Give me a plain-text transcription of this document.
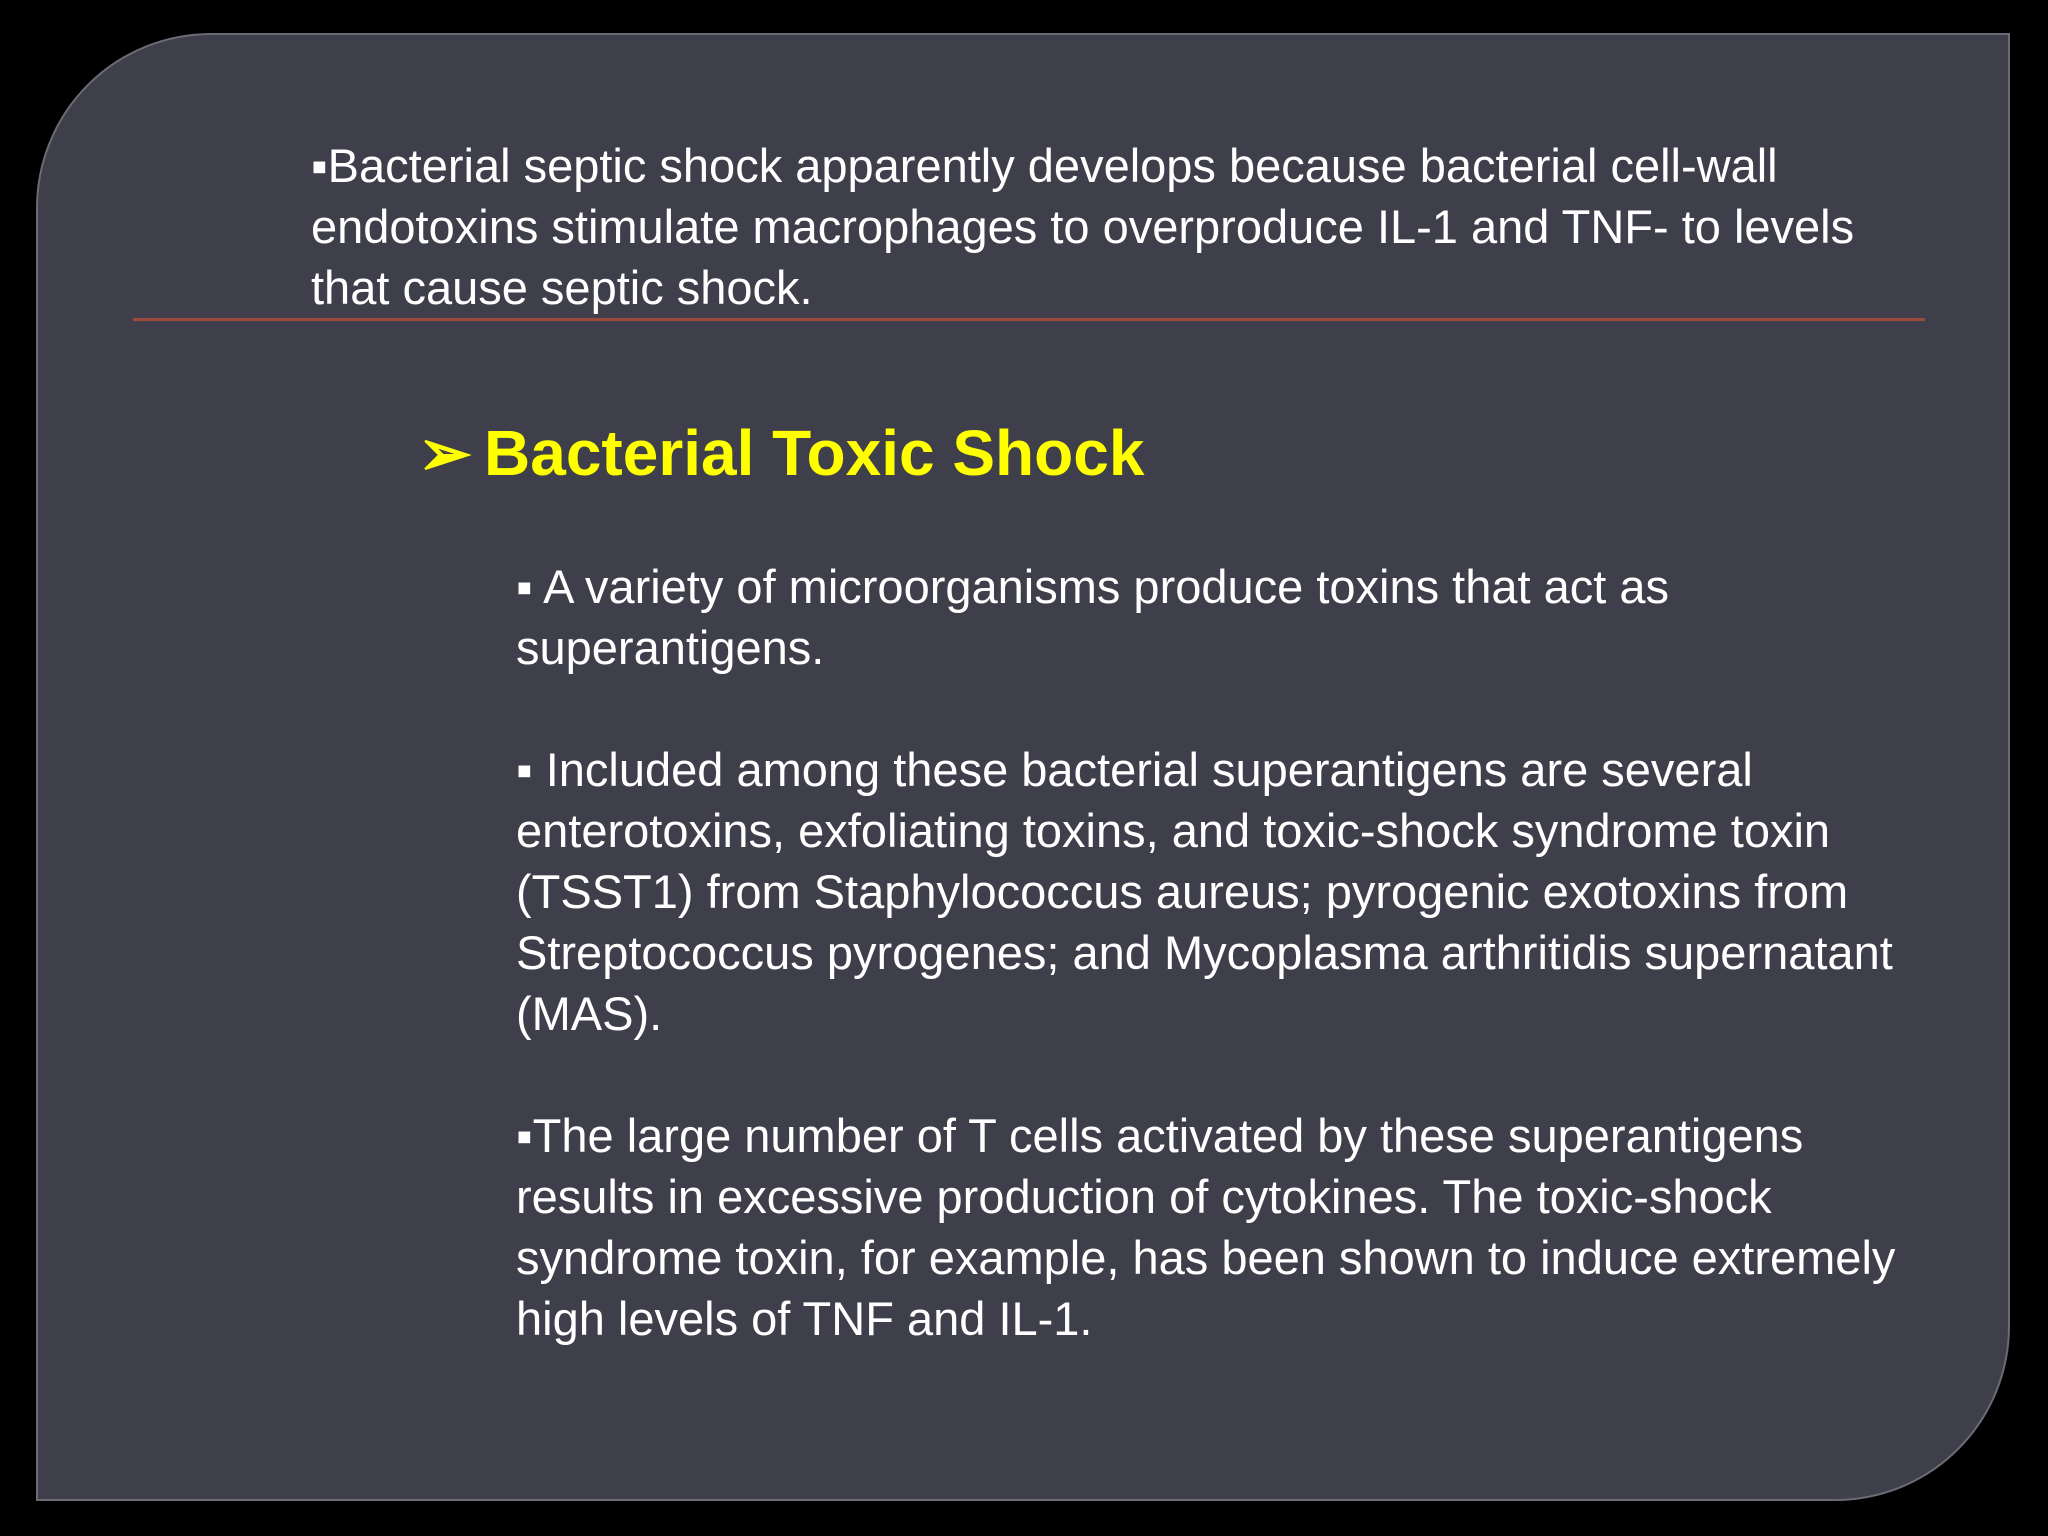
▪Bacterial septic shock apparently develops because bacterial cell-wall endotoxins stimulate macrophages to overproduce IL-1 and TNF- to levels that cause septic shock.

➢ Bacterial Toxic Shock

▪ A variety of microorganisms produce toxins that act as superantigens.

▪ Included among these bacterial superantigens are several enterotoxins, exfoliating toxins, and toxic-shock syndrome toxin (TSST1) from Staphylococcus aureus; pyrogenic exotoxins from Streptococcus pyrogenes; and Mycoplasma arthritidis supernatant (MAS).

▪The large number of T cells activated by these superantigens results in excessive production of cytokines. The toxic-shock syndrome toxin, for example, has been shown to induce extremely high levels of TNF and IL-1.
